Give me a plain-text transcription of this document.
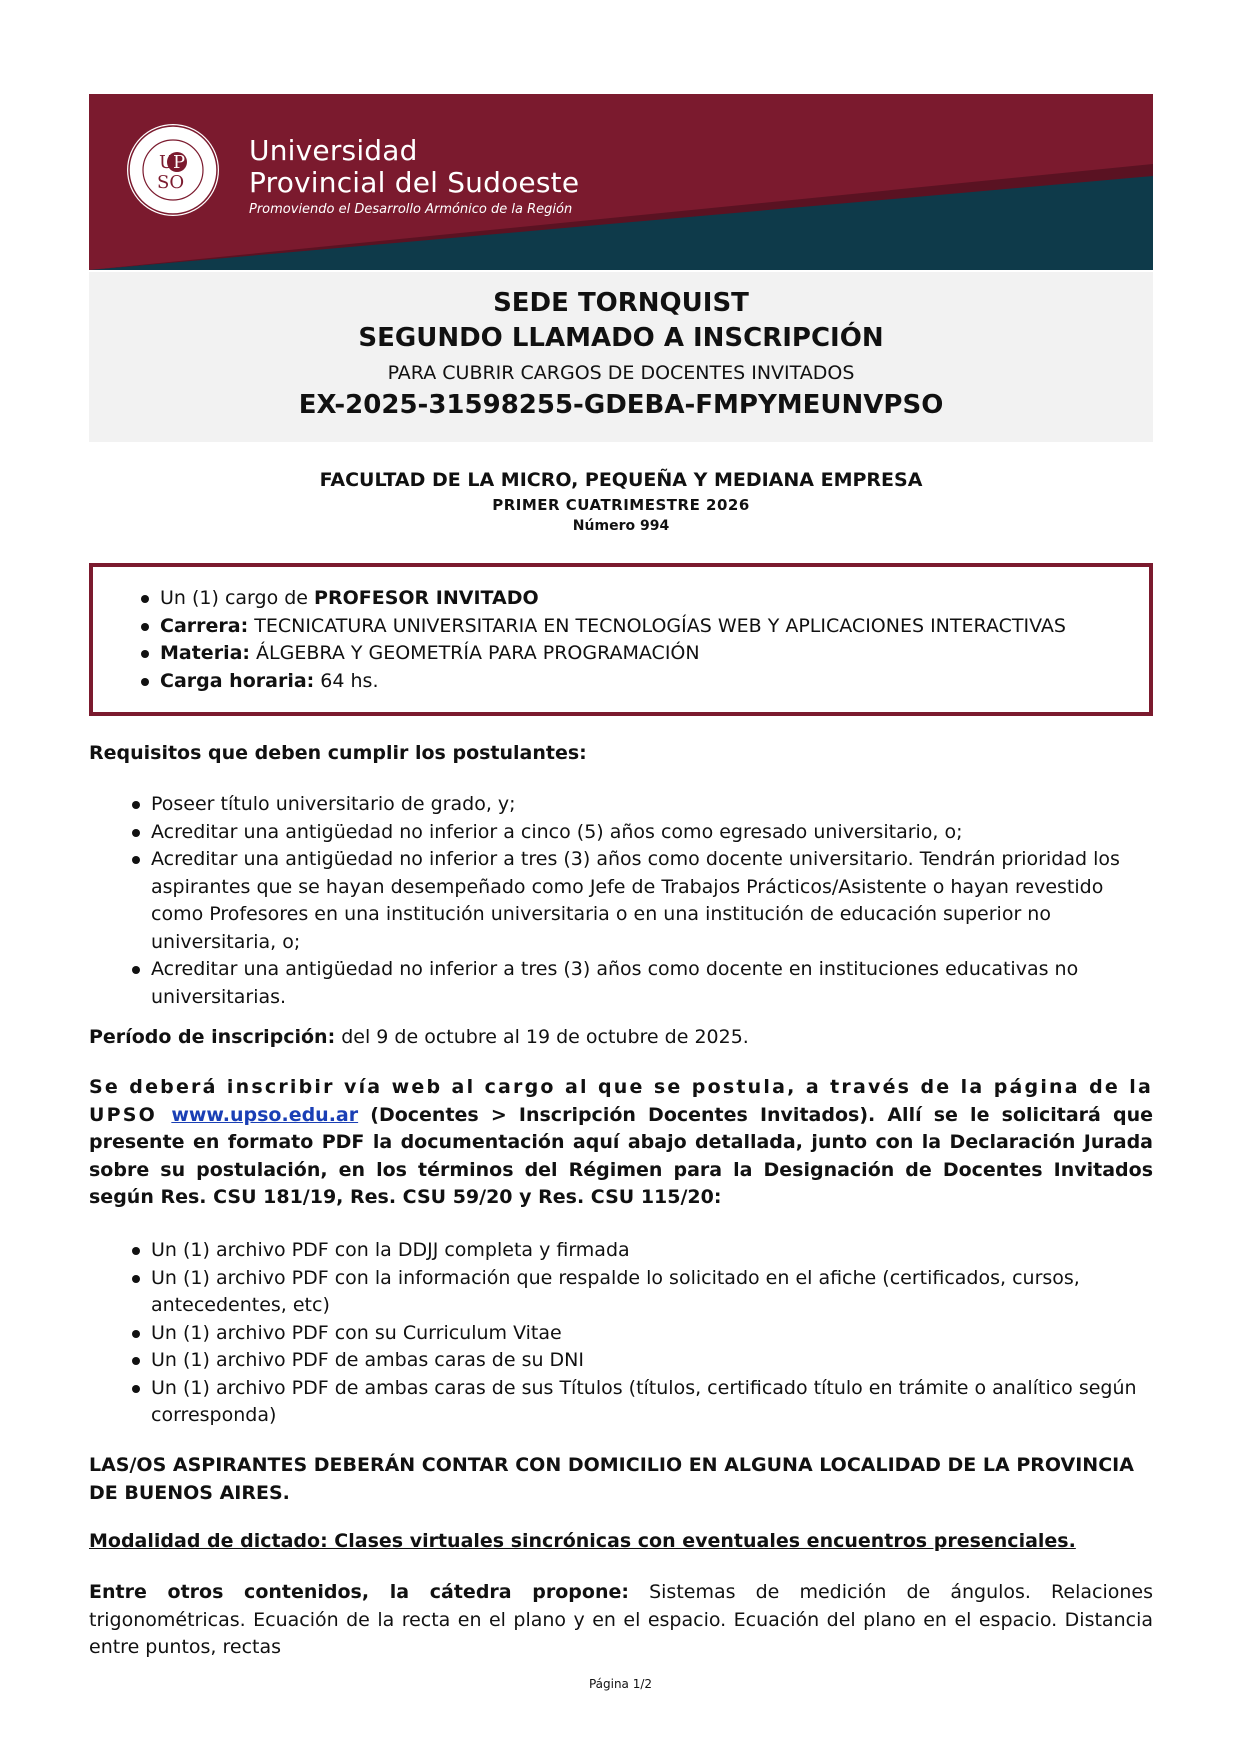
U
P
SO
Universidad
Provincial del Sudoeste
Promoviendo el Desarrollo Armónico de la Región
SEDE TORNQUIST
SEGUNDO LLAMADO A INSCRIPCIÓN
PARA CUBRIR CARGOS DE DOCENTES INVITADOS
EX-2025-31598255-GDEBA-FMPYMEUNVPSO
FACULTAD DE LA MICRO, PEQUEÑA Y MEDIANA EMPRESA
PRIMER CUATRIMESTRE 2026
Número 994
Un (1) cargo de PROFESOR INVITADO
Carrera: TECNICATURA UNIVERSITARIA EN TECNOLOGÍAS WEB Y APLICACIONES INTERACTIVAS
Materia: ÁLGEBRA Y GEOMETRÍA PARA PROGRAMACIÓN
Carga horaria: 64 hs.
Requisitos que deben cumplir los postulantes:
Poseer título universitario de grado, y;
Acreditar una antigüedad no inferior a cinco (5) años como egresado universitario, o;
Acreditar una antigüedad no inferior a tres (3) años como docente universitario. Tendrán prioridad los aspirantes que se hayan desempeñado como Jefe de Trabajos Prácticos/Asistente o hayan revestido como Profesores en una institución universitaria o en una institución de educación superior no universitaria, o;
Acreditar una antigüedad no inferior a tres (3) años como docente en instituciones educativas no universitarias.
Período de inscripción: del 9 de octubre al 19 de octubre de 2025.
Se deberá inscribir vía web al cargo al que se postula, a través de la página de la UPSO www.upso.edu.ar (Docentes > Inscripción Docentes Invitados). Allí se le solicitará que presente en formato PDF la documentación aquí abajo detallada, junto con la Declaración Jurada sobre su postulación, en los términos del Régimen para la Designación de Docentes Invitados según Res. CSU 181/19, Res. CSU 59/20 y Res. CSU 115/20:
Un (1) archivo PDF con la DDJJ completa y firmada
Un (1) archivo PDF con la información que respalde lo solicitado en el afiche (certificados, cursos, antecedentes, etc)
Un (1) archivo PDF con su Curriculum Vitae
Un (1) archivo PDF de ambas caras de su DNI
Un (1) archivo PDF de ambas caras de sus Títulos (títulos, certificado título en trámite o analítico según corresponda)
LAS/OS ASPIRANTES DEBERÁN CONTAR CON DOMICILIO EN ALGUNA LOCALIDAD DE LA PROVINCIA DE BUENOS AIRES.
Modalidad de dictado: Clases virtuales sincrónicas con eventuales encuentros presenciales.
Entre otros contenidos, la cátedra propone: Sistemas de medición de ángulos. Relaciones trigonométricas. Ecuación de la recta en el plano y en el espacio. Ecuación del plano en el espacio. Distancia entre puntos, rectas
Página 1/2
